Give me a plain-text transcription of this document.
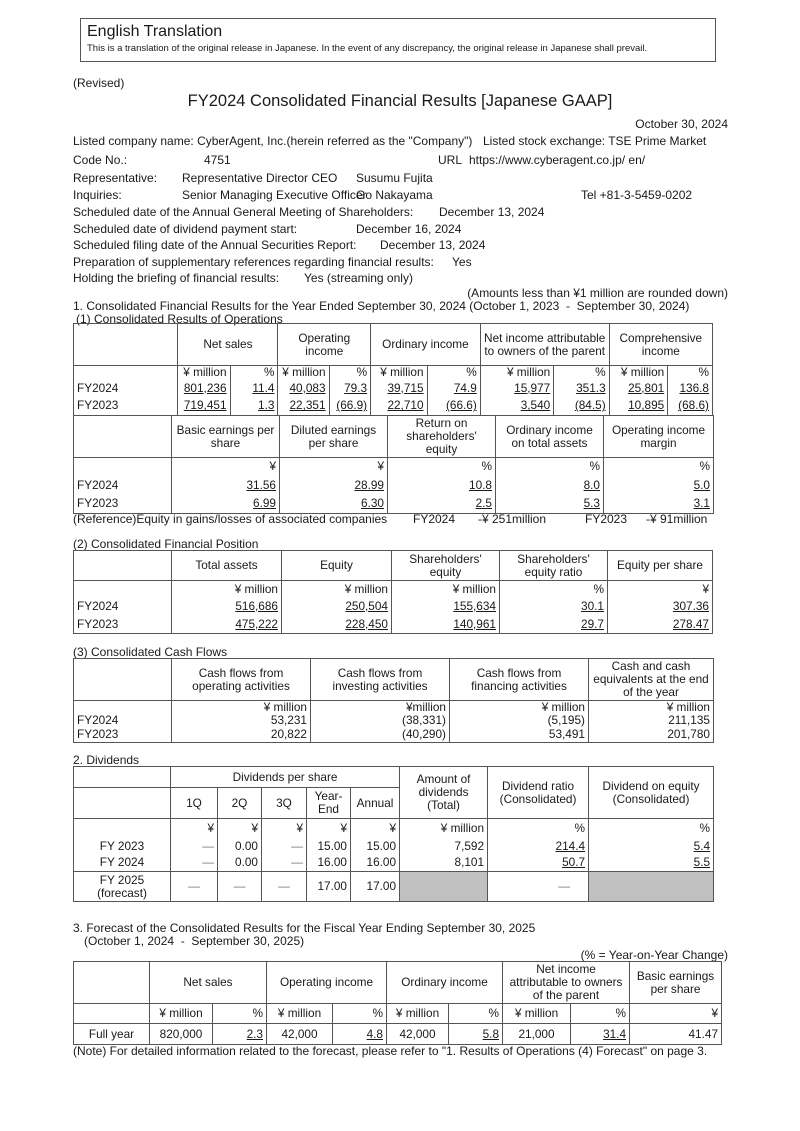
English Translation
This is a translation of the original release in Japanese. In the event of any discrepancy, the original release in Japanese shall prevail.
(Revised)
FY2024 Consolidated Financial Results [Japanese GAAP]
October 30, 2024
Listed company name: CyberAgent, Inc.(herein referred as the "Company") Listed stock exchange: TSE Prime Market
Code No.:	4751	URL https://www.cyberagent.co.jp/ en/
Representative: Representative Director CEO Susumu Fujita
Inquiries:	Senior Managing Executive Officer
Go Nakayama	Tel +81-3-5459-0202
Scheduled date of the Annual General Meeting of Shareholders: December 13, 2024
Scheduled date of dividend payment start:	December 16, 2024
Scheduled filing date of the Annual Securities Report: December 13, 2024
Preparation of supplementary references regarding financial results: Yes
Holding the briefing of financial results: Yes (streaming only)
(Amounts less than ¥1 million are rounded down)
1. Consolidated Financial Results for the Year Ended September 30, 2024 (October 1, 2023  -  September 30, 2024)
(1) Consolidated Results of Operations
	Net sales		Operating income		Ordinary income		Net income attributable to owners of the parent		Comprehensive income	
	¥ million	%	¥ million	%	¥ million	%	¥ million	%	¥ million	%
FY2024	801,236	11.4	40,083	79.3	39,715	74.9	15,977	351.3	25,801	136.8
FY2023	719,451	1.3	22,351	(66.9)	22,710	(66.6)	3,540	(84.5)	10,895	(68.6)
	Basic earnings per share	Diluted earnings per share	Return on shareholders' equity	Ordinary income on total assets	Operating income margin
	¥	¥	%	%	%
FY2024	31.56	28.99	10.8	8.0	5.0
FY2023	6.99	6.30	2.5	5.3	3.1
(Reference)Equity in gains/losses of associated companies FY2024 -¥ 251million	FY2023 -¥ 91million
(2) Consolidated Financial Position
	Total assets	Equity	Shareholders' equity	Shareholders' equity ratio	Equity per share
	¥ million	¥ million	¥ million	%	¥
FY2024	516,686	250,504	155,634	30.1	307.36
FY2023	475,222	228,450	140,961	29.7	278.47
(3) Consolidated Cash Flows
	Cash flows from operating activities	Cash flows from investing activities	Cash flows from financing activities	Cash and cash equivalents at the end of the year
	¥ million	¥million	¥ million	¥ million
FY2024	53,231	(38,331)	(5,195)	211,135
FY2023	20,822	(40,290)	53,491	201,780
2. Dividends
	Dividends per share					Amount of dividends (Total)	Dividend ratio (Consolidated)	Dividend on equity (Consolidated)
	1Q	2Q	3Q	Year-End	Annual			
	¥	¥	¥	¥	¥	¥ million	%	%
FY 2023	—	0.00	—	15.00	15.00	7,592	214.4	5.4
FY 2024	—	0.00	—	16.00	16.00	8,101	50.7	5.5
FY 2025 (forecast)	—	—	—	17.00	17.00		—	
3. Forecast of the Consolidated Results for the Fiscal Year Ending September 30, 2025
(October 1, 2024  -  September 30, 2025)
(% = Year-on-Year Change)
	Net sales		Operating income		Ordinary income		Net income attributable to owners of the parent		Basic earnings per share
	¥ million	%	¥ million	%	¥ million	%	¥ million	%	¥
Full year	820,000	2.3	42,000	4.8	42,000	5.8	21,000	31.4	41.47
(Note) For detailed information related to the forecast, please refer to "1. Results of Operations (4) Forecast" on page 3.
